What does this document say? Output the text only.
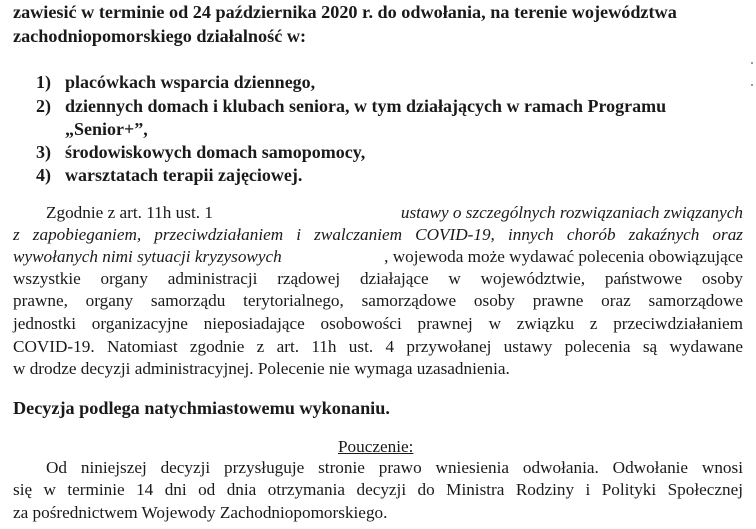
zawiesić w terminie od 24 października 2020 r. do odwołania, na terenie województwa
zachodniopomorskiego działalność w:
1) placówkach wsparcia dziennego,
2) dziennych domach i klubach seniora, w tym działających w ramach Programu
„Senior+”,
3) środowiskowych domach samopomocy,
4) warsztatach terapii zajęciowej.
Zgodnie z art. 11h ust. 1	ustawy o szczególnych rozwiązaniach związanych
z zapobieganiem, przeciwdziałaniem i zwalczaniem COVID-19, innych chorób zakaźnych oraz
wywołanych nimi sytuacji kryzysowych	, wojewoda może wydawać polecenia obowiązujące
wszystkie organy administracji rządowej działające w województwie, państwowe osoby
prawne, organy samorządu terytorialnego, samorządowe osoby prawne oraz samorządowe
jednostki organizacyjne nieposiadające osobowości prawnej w związku z przeciwdziałaniem
COVID-19. Natomiast zgodnie z art. 11h ust. 4 przywołanej ustawy polecenia są wydawane
w drodze decyzji administracyjnej. Polecenie nie wymaga uzasadnienia.
Decyzja podlega natychmiastowemu wykonaniu.
Pouczenie:
Od niniejszej decyzji przysługuje stronie prawo wniesienia odwołania. Odwołanie wnosi
się w terminie 14 dni od dnia otrzymania decyzji do Ministra Rodziny i Polityki Społecznej
za pośrednictwem Wojewody Zachodniopomorskiego.
